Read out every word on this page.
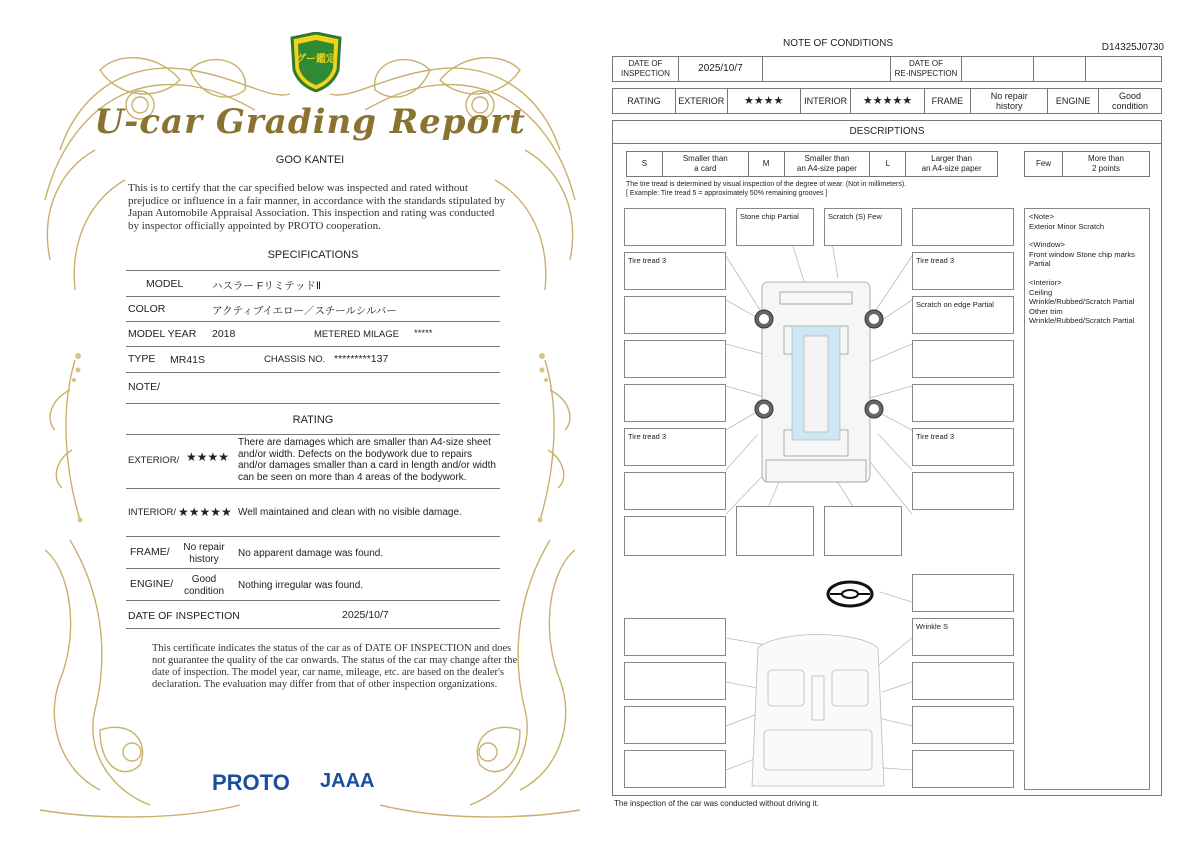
グー鑑定
U-car Grading Report
GOO KANTEI
This is to certify that the car specified below was inspected and rated without prejudice or influence in a fair manner, in accordance with the standards stipulated by Japan Automobile Appraisal Association. This inspection and rating was conducted by inspector officially appointed by PROTO cooperation.
SPECIFICATIONS
MODEL	ハスラー FリミテッドⅡ
COLOR	アクティブイエロー／スチールシルバー
MODEL YEAR 2018	METERED MILAGE *****
TYPE MR41S	CHASSIS NO. *********137
NOTE/
RATING
EXTERIOR/ ★★★★
There are damages which are smaller than A4-size sheet and/or width. Defects on the bodywork due to repairs and/or damages smaller than a card in length and/or width can be seen on more than 4 areas of the bodywork.
INTERIOR/ ★★★★★ Well maintained and clean with no visible damage.
FRAME/	No repair
history	No apparent damage was found.
ENGINE/	Good
condition	Nothing irregular was found.
DATE OF INSPECTION	2025/10/7
This certificate indicates the status of the car as of DATE OF INSPECTION and does not guarantee the quality of the car onwards. The status of the car may change after the date of inspection. The model year, car name, mileage, etc. are based on the dealer's declaration. The evaluation may differ from that of other inspection organizations.
PROTO JAAA
NOTE OF CONDITIONS	D14325J0730
DATE OF
INSPECTION	2025/10/7		DATE OF
RE-INSPECTION

RATING	EXTERIOR	★★★★	INTERIOR	★★★★★	FRAME	No repair
history	ENGINE	Good
condition
DESCRIPTIONS
S	
Smaller than
a card
	M	
Smaller than
an A4-size paper
	L	
Larger than
an A4-size paper
Few	
More than
2 points
The tire tread is determined by visual inspection of the degree of wear. (Not in millimeters).
[ Example: Tire tread 5 = approximately 50% remaining grooves ]
Tire tread 3
Tire tread 3
Stone chip Partial	Scratch (S) Few
Tire tread 3
Scratch on edge Partial
Tire tread 3
Wrinkle S
<Note>
Exterior Minor Scratch
<Window>
Front window Stone chip marks Partial
<Interior>
Ceiling
Wrinkle/Rubbed/Scratch Partial
Other trim
Wrinkle/Rubbed/Scratch Partial
The inspection of the car was conducted without driving it.
